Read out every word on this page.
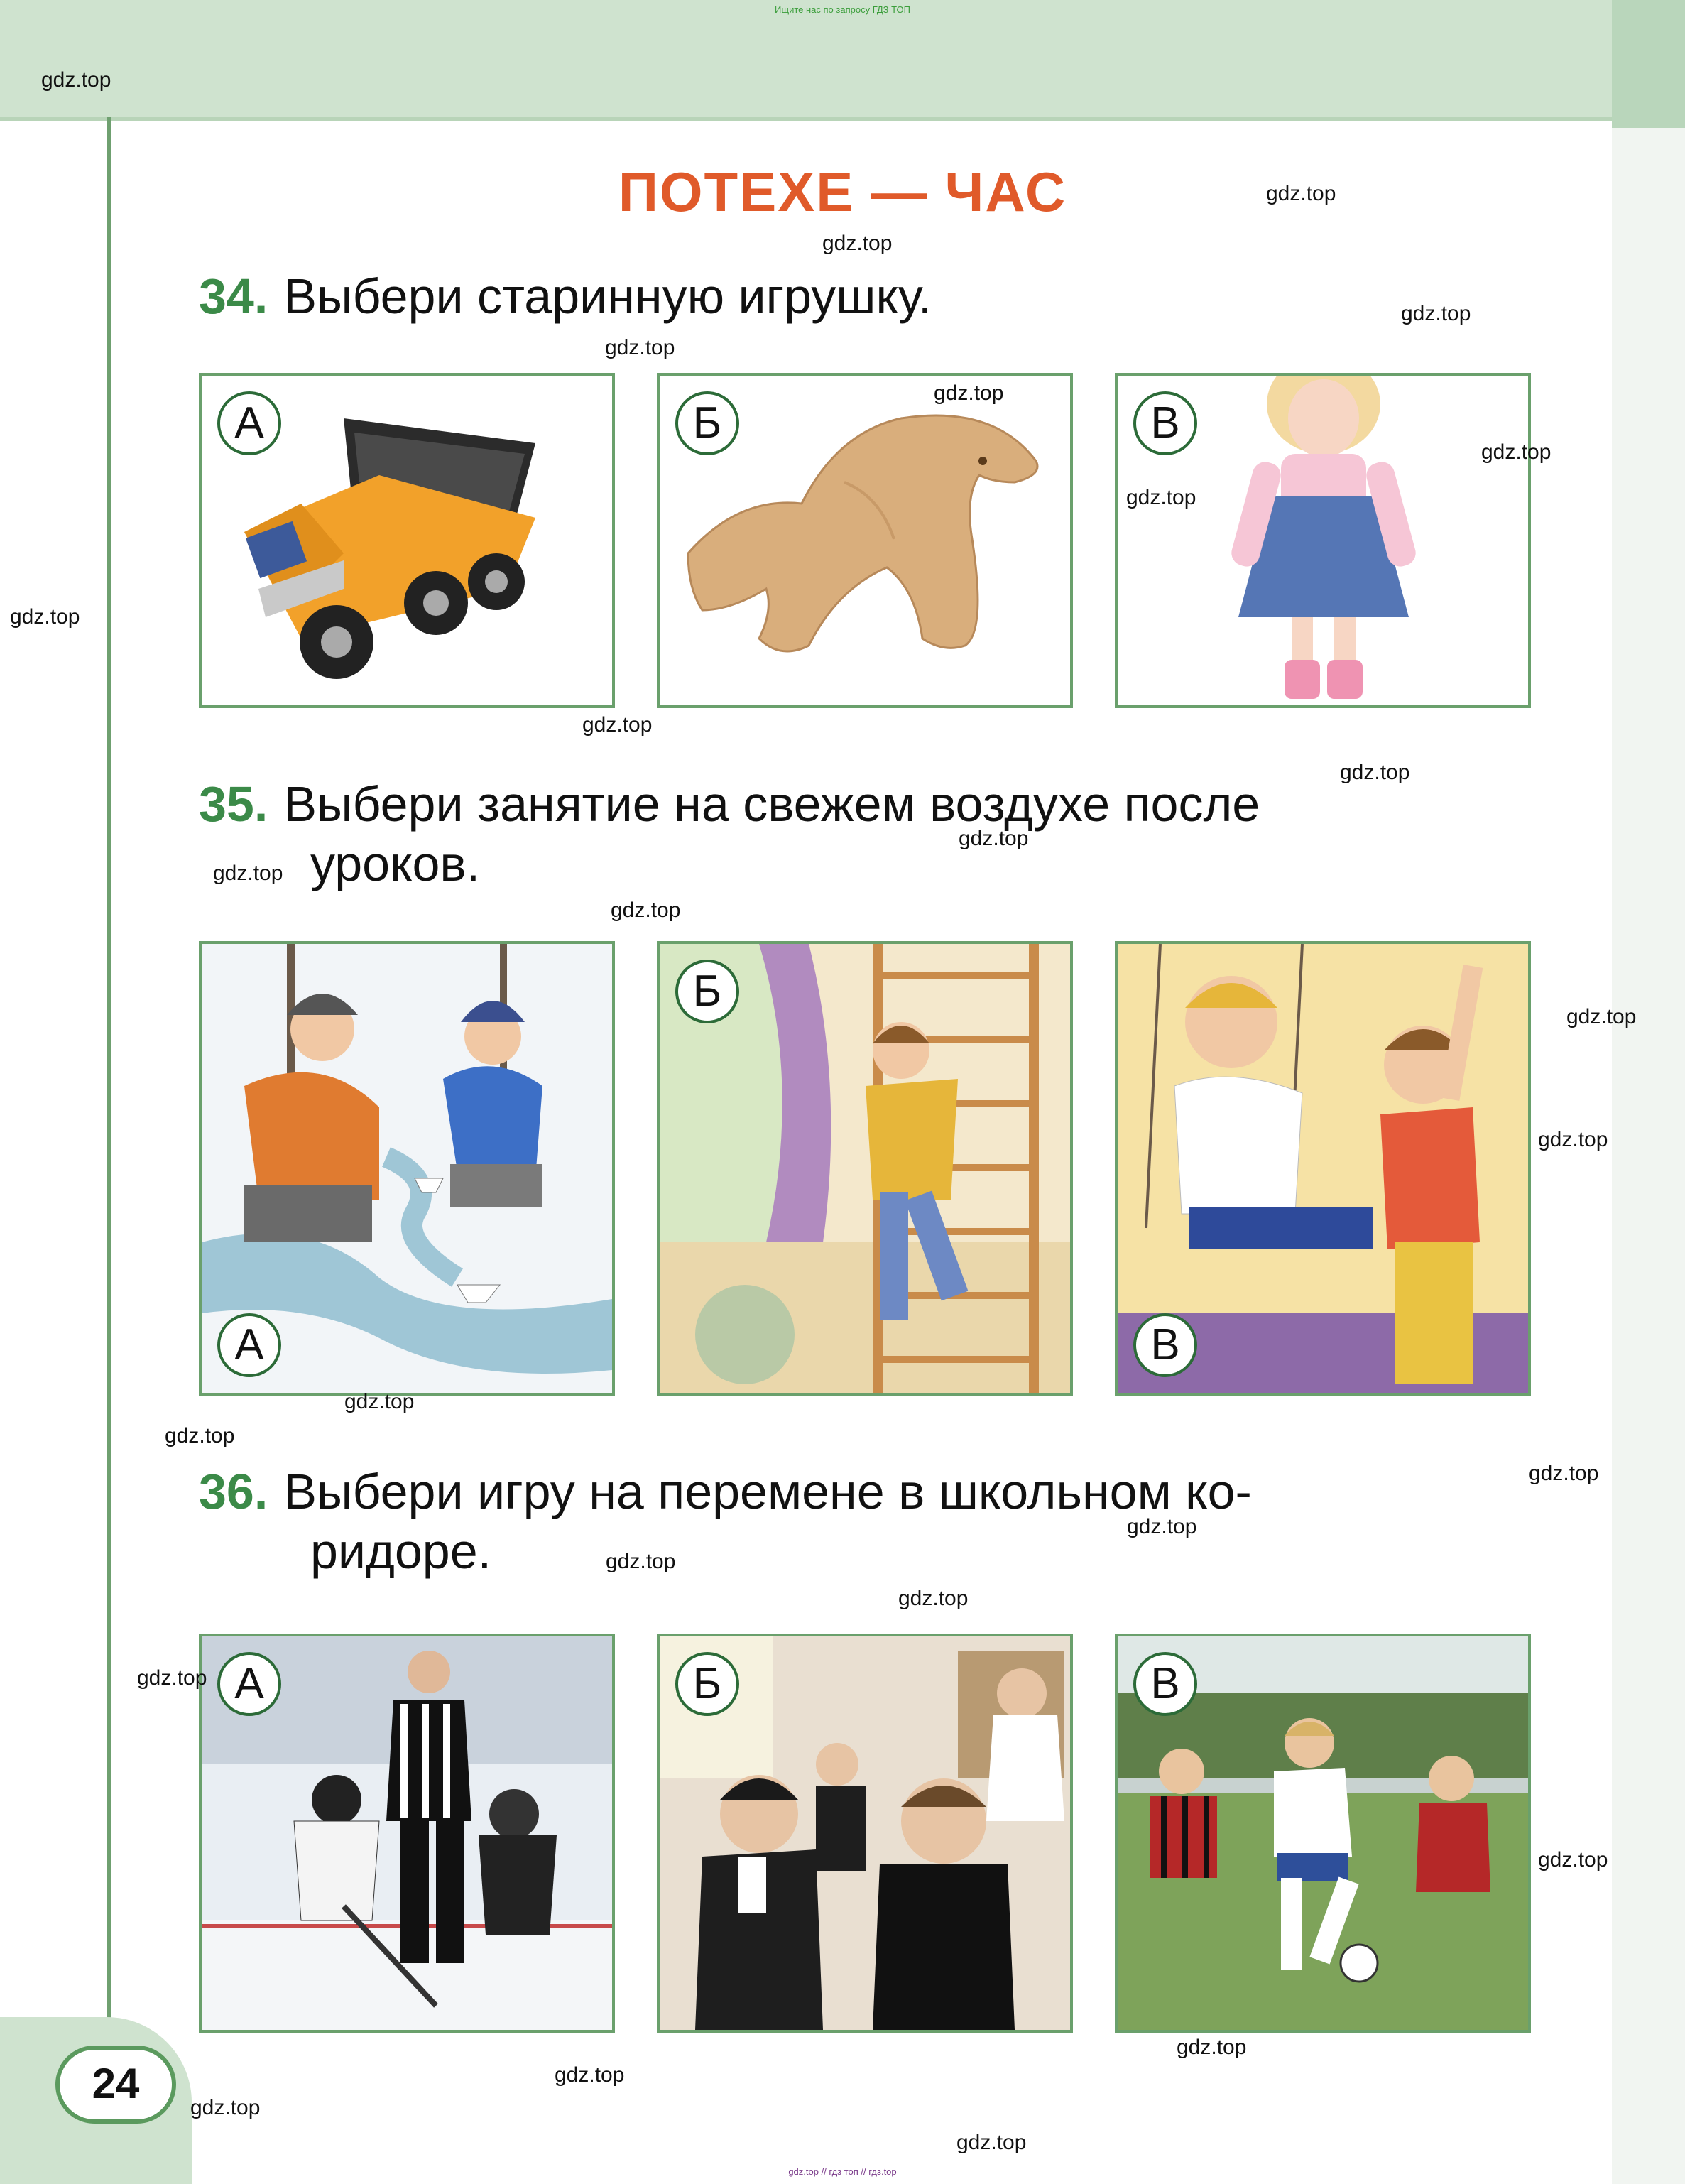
Ищите нас по запросу ГДЗ ТОП
ПОТЕХЕ — ЧАС
34. Выбери старинную игрушку.
А	Б	В
35. Выбери занятие на свежем воздухе после
уроков.
А
Б
В
36. Выбери игру на перемене в школьном ко-
ридоре.
А	Б	В
24
gdz.top
gdz.top
gdz.top
gdz.top
gdz.top
gdz.top
gdz.top
gdz.top
gdz.top
gdz.top
gdz.top
gdz.top
gdz.top
gdz.top
gdz.top
gdz.top
gdz.top
gdz.top
gdz.top
gdz.top
gdz.top
gdz.top
gdz.top
gdz.top
gdz.top
gdz.top
gdz.top
gdz.top
gdz.top // гдз топ // гдз.top
